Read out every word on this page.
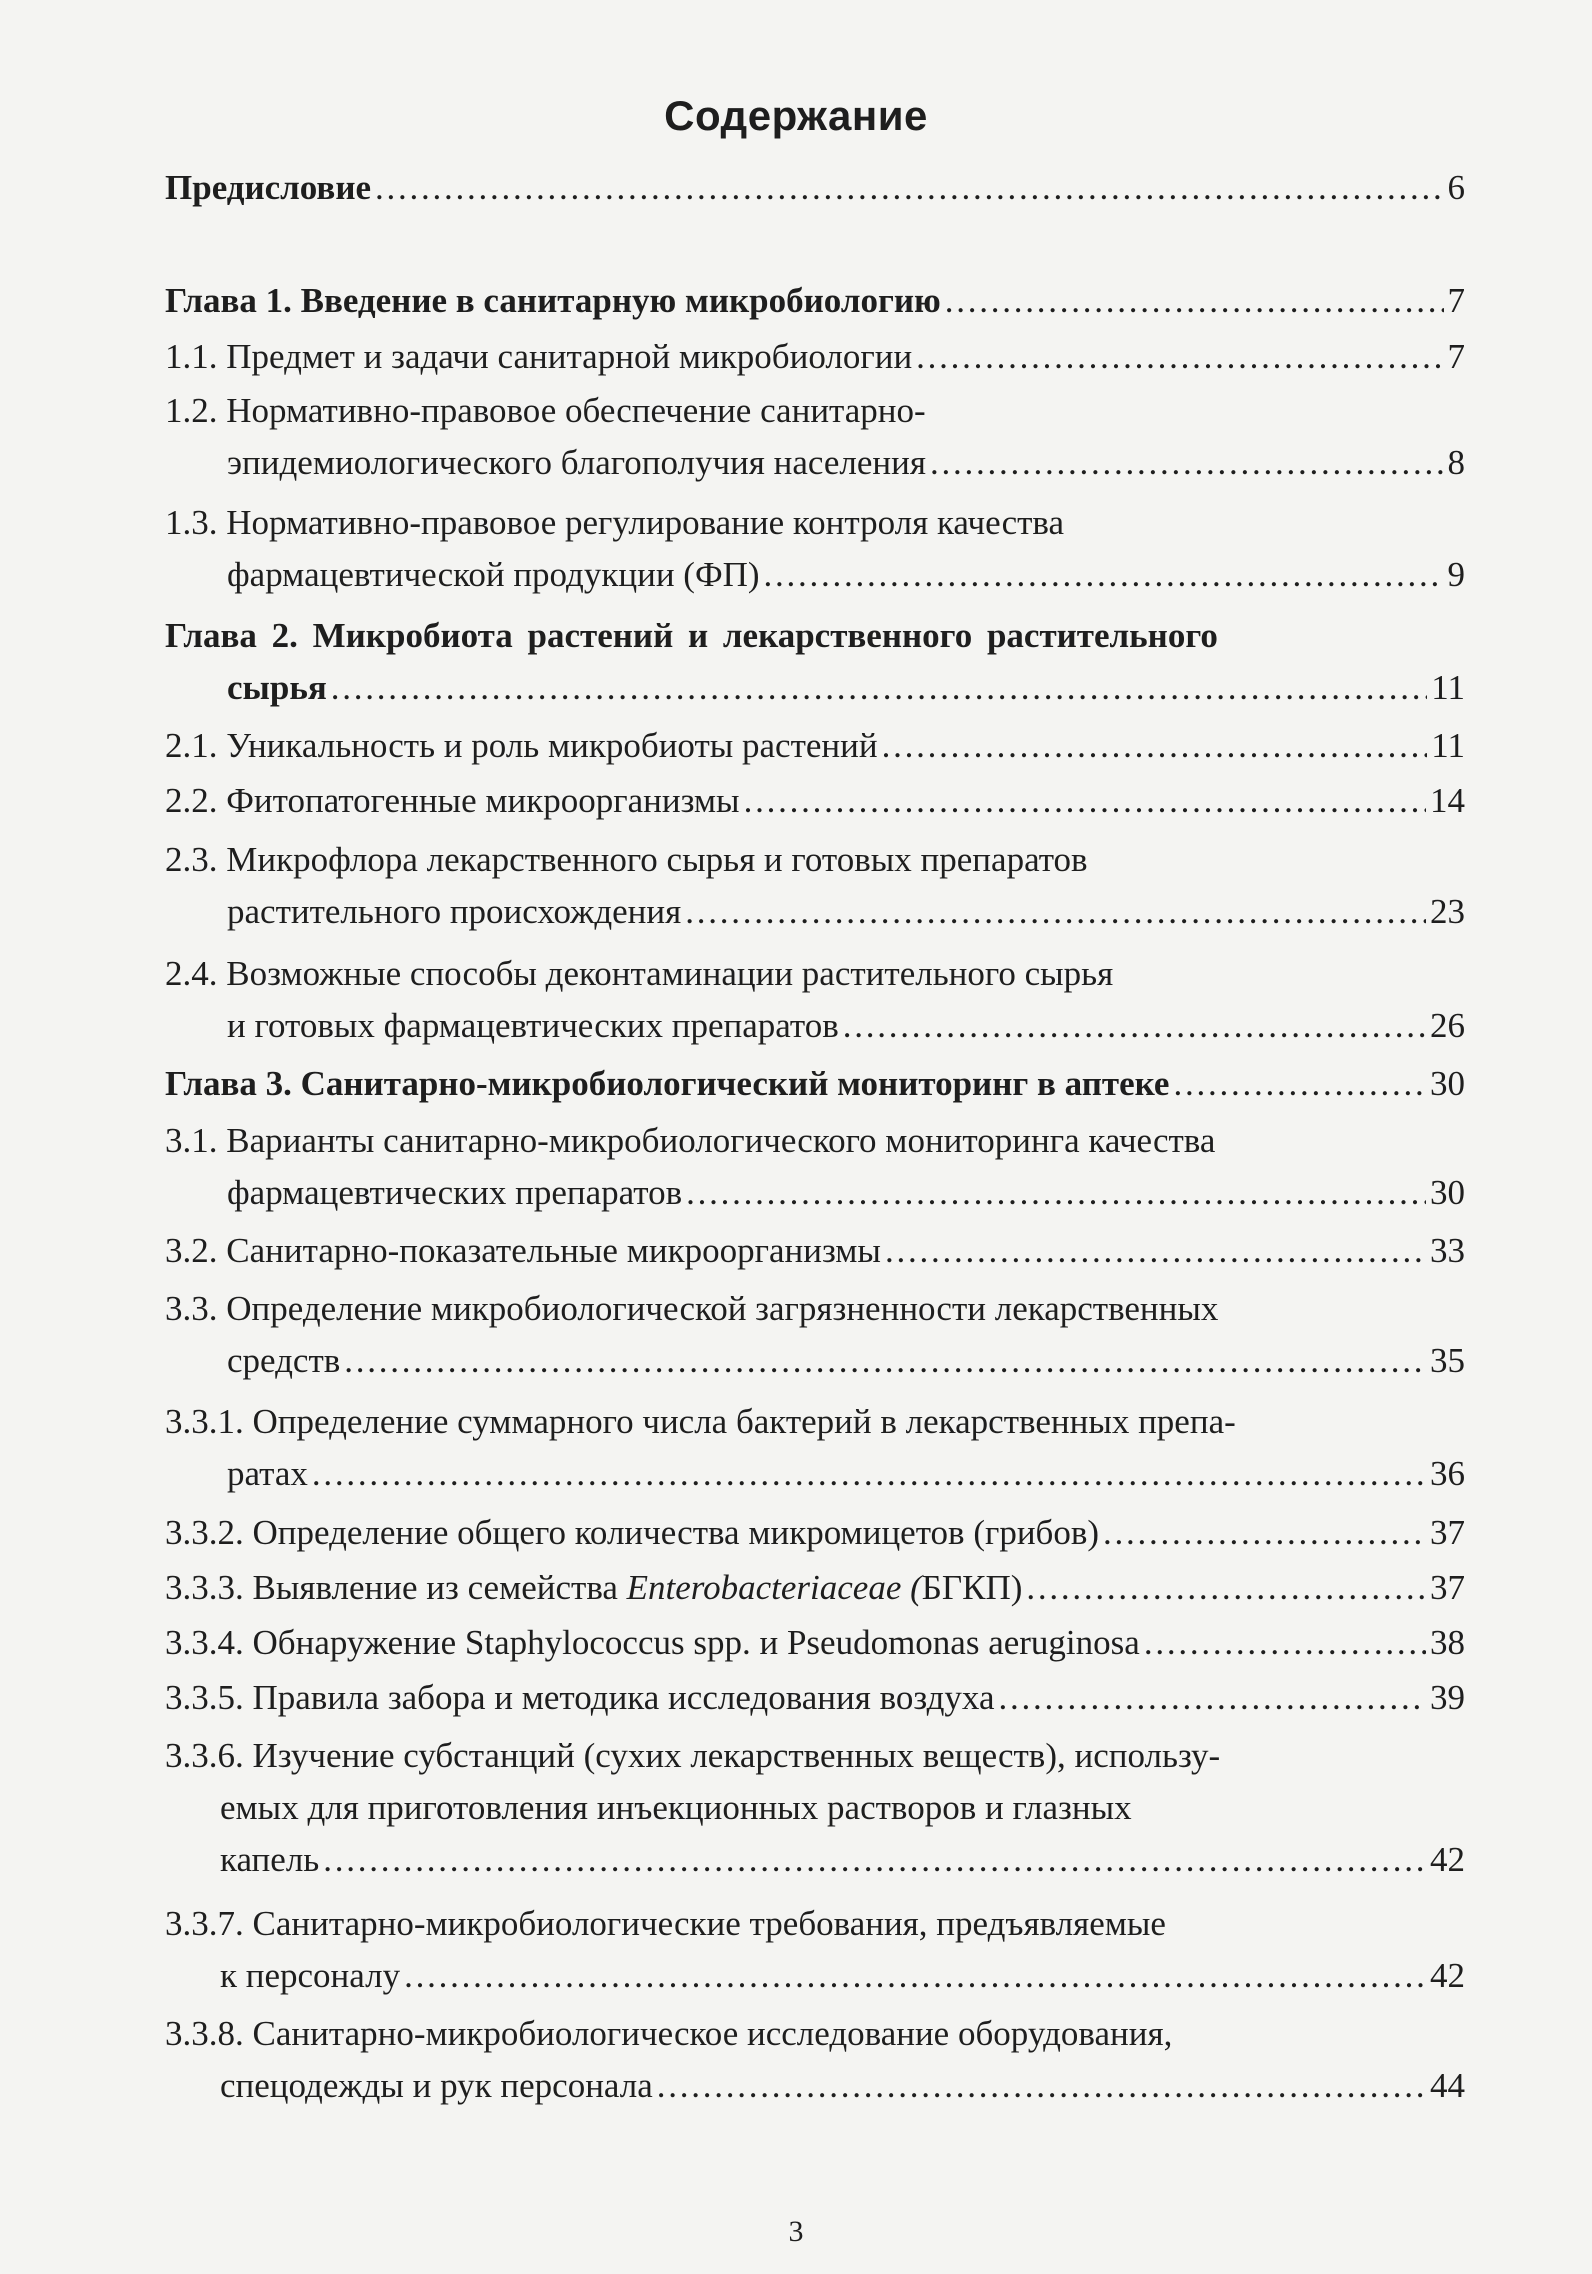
Содержание
Предисловие . . .	6
Глава 1. Введение в санитарную микробиологию . . .	7
1.1. Предмет и задачи санитарной микробиологии . . .	7
1.2. Нормативно-правовое обеспечение санитарно-
эпидемиологического благополучия населения . . .	8
1.3. Нормативно-правовое регулирование контроля качества
фармацевтической продукции (ФП) . . .	9
Глава 2. Микробиота растений и лекарственного растительного
сырья . . .	11
2.1. Уникальность и роль микробиоты растений . . .	11
2.2. Фитопатогенные микроорганизмы . . .	14
2.3. Микрофлора лекарственного сырья и готовых препаратов
растительного происхождения . . .	23
2.4. Возможные способы деконтаминации растительного сырья
и готовых фармацевтических препаратов . . .	26
Глава 3. Санитарно-микробиологический мониторинг в аптеке . . .	30
3.1. Варианты санитарно-микробиологического мониторинга качества
фармацевтических препаратов . . .	30
3.2. Санитарно-показательные микроорганизмы . . .	33
3.3. Определение микробиологической загрязненности лекарственных
средств . . .	35
3.3.1. Определение суммарного числа бактерий в лекарственных препа-
ратах . . .	36
3.3.2. Определение общего количества микромицетов (грибов) . . .	37
3.3.3. Выявление из семейства Enterobacteriaceae (БГКП) . . .	37
3.3.4. Обнаружение Staphylococcus spp. и Pseudomonas aeruginosa . . .	38
3.3.5. Правила забора и методика исследования воздуха . . .	39
3.3.6. Изучение субстанций (сухих лекарственных веществ), использу-
емых для приготовления инъекционных растворов и глазных
капель . . .	42
3.3.7. Санитарно-микробиологические требования, предъявляемые
к персоналу . . .	42
3.3.8. Санитарно-микробиологическое исследование оборудования,
спецодежды и рук персонала . . .	44
3
